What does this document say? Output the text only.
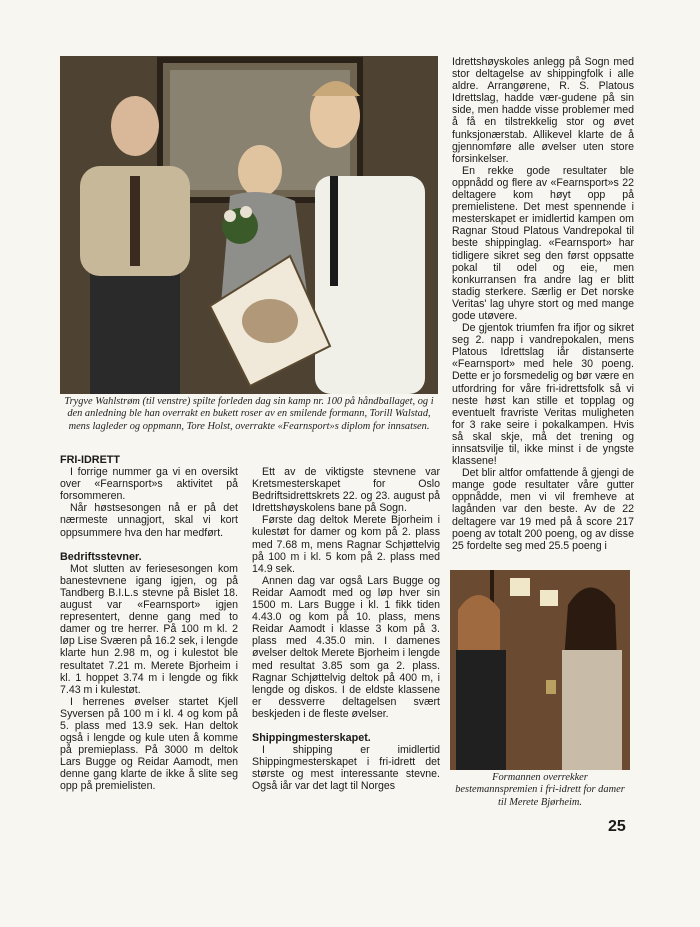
Trygve Wahlstrøm (til venstre) spilte forleden dag sin kamp nr. 100 på håndballaget, og i den anledning ble han overrakt en bukett roser av en smilende formann, Torill Walstad, mens lagleder og oppmann, Tore Holst, overrakte «Fearnsport»s diplom for innsatsen.
FRI-IDRETT

I forrige nummer ga vi en oversikt over «Fearnsport»s aktivitet på forsommeren.

Når høstsesongen nå er på det nærmeste unnagjort, skal vi kort oppsummere hva den har medført.

Bedriftsstevner.

Mot slutten av feriesesongen kom banestevnene igang igjen, og på Tandberg B.I.L.s stevne på Bislet 18. august var «Fearnsport» igjen representert, denne gang med to damer og tre herrer. På 100 m kl. 2 løp Lise Sværen på 16.2 sek, i lengde klarte hun 2.98 m, og i kulestot ble resultatet 7.21 m. Merete Bjorheim i kl. 1 hoppet 3.74 m i lengde og fikk 7.43 m i kulestøt.

I herrenes øvelser startet Kjell Syversen på 100 m i kl. 4 og kom på 5. plass med 13.9 sek. Han deltok også i lengde og kule uten å komme på premieplass. På 3000 m deltok Lars Bugge og Reidar Aamodt, men denne gang klarte de ikke å slite seg opp på premielisten.

Ett av de viktigste stevnene var Kretsmesterskapet for Oslo Bedriftsidrettskrets 22. og 23. august på Idrettshøyskolens bane på Sogn.

Første dag deltok Merete Bjorheim i kulestøt for damer og kom på 2. plass med 7.68 m, mens Ragnar Schjøttelvig på 100 m i kl. 5 kom på 2. plass med 14.9 sek.

Annen dag var også Lars Bugge og Reidar Aamodt med og løp hver sin 1500 m. Lars Bugge i kl. 1 fikk tiden 4.43.0 og kom på 10. plass, mens Reidar Aamodt i klasse 3 kom på 3. plass med 4.35.0 min. I damenes øvelser deltok Merete Bjorheim i lengde med resultat 3.85 som ga 2. plass. Ragnar Schjøttelvig deltok på 400 m, i lengde og diskos. I de eldste klassene er dessverre deltagelsen svært beskjeden i de fleste øvelser.

Shippingmesterskapet.

I shipping er imidlertid Shippingmesterskapet i fri-idrett det største og mest interessante stevne. Også iår var det lagt til Norges

Idrettshøyskoles anlegg på Sogn med stor deltagelse av shippingfolk i alle aldre. Arrangørene, R. S. Platous Idrettslag, hadde vær-gudene på sin side, men hadde visse problemer med å få en tilstrekkelig stor og øvet funksjonærstab. Allikevel klarte de å gjennomføre alle øvelser uten store forsinkelser.

En rekke gode resultater ble oppnådd og flere av «Fearnsport»s 22 deltagere kom høyt opp på premielistene. Det mest spennende i mesterskapet er imidlertid kampen om Ragnar Stoud Platous Vandrepokal til beste shippinglag. «Fearnsport» har tidligere sikret seg den først oppsatte pokal til odel og eie, men konkurransen fra andre lag er blitt stadig sterkere. Særlig er Det norske Veritas' lag uhyre stort og med mange gode utøvere.

De gjentok triumfen fra ifjor og sikret seg 2. napp i vandrepokalen, mens Platous Idrettslag iår distanserte «Fearnsport» med hele 30 poeng. Dette er jo forsmedelig og bør være en utfordring for våre fri-idrettsfolk så vi neste høst kan stille et topplag og eventuelt fravriste Veritas muligheten for 3 rake seire i pokalkampen. Hvis så skal skje, må det trening og innsatsvilje til, ikke minst i de yngste klassene!

Det blir altfor omfattende å gjengi de mange gode resultater våre gutter oppnådde, men vi vil fremheve at lagånden var den beste. Av de 22 deltagere var 19 med på å score 217 poeng av totalt 200 poeng, og av disse 25 fordelte seg med 25.5 poeng i

Formannen overrekker bestemannspremien i fri-idrett for damer til Merete Bjørheim.
25
